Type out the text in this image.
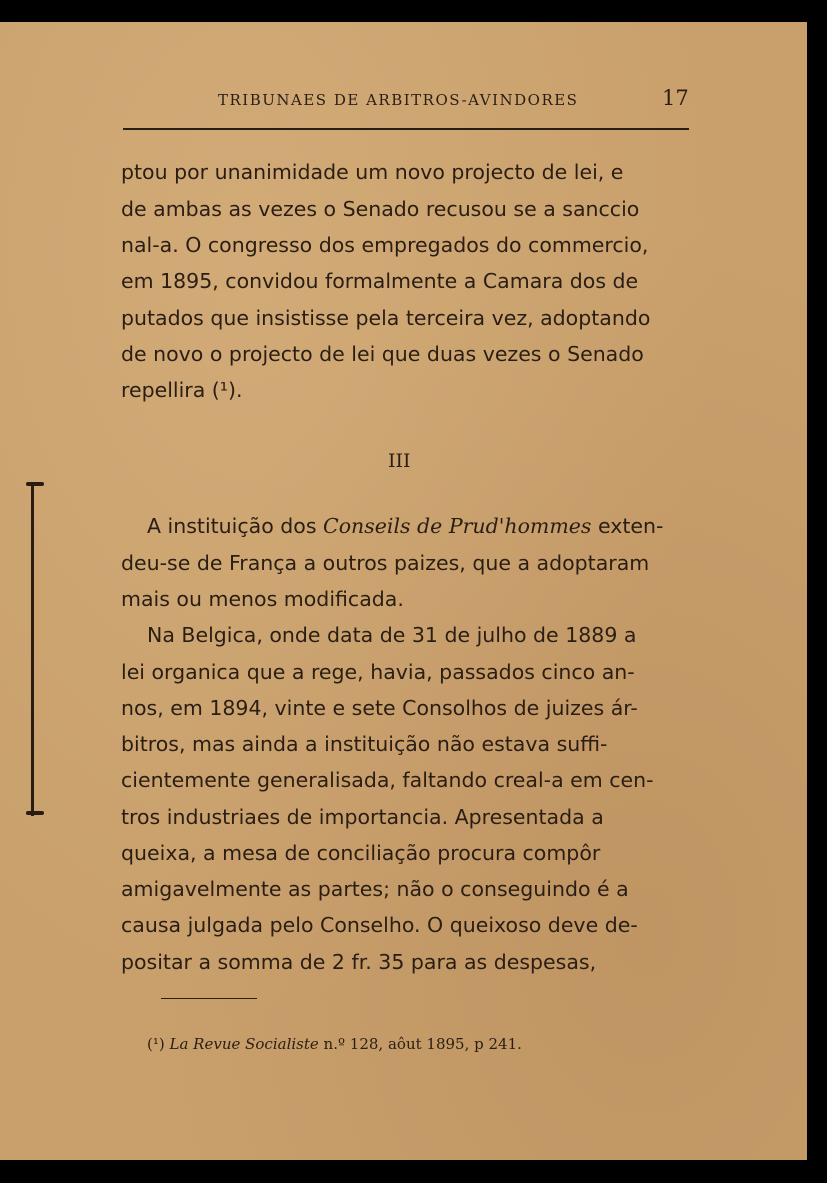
TRIBUNAES DE ARBITROS-AVINDORES	17
ptou por unanimidade um novo projecto de lei, e
de ambas as vezes o Senado recusou se a sanccio
nal-a. O congresso dos empregados do commercio,
em 1895, convidou formalmente a Camara dos de
putados que insistisse pela terceira vez, adoptando
de novo o projecto de lei que duas vezes o Senado
repellira (¹).
III
A instituição dos Conseils de Prud'hommes exten-
deu-se de França a outros paizes, que a adoptaram
mais ou menos modificada.
Na Belgica, onde data de 31 de julho de 1889 a
lei organica que a rege, havia, passados cinco an-
nos, em 1894, vinte e sete Consolhos de juizes ár-
bitros, mas ainda a instituição não estava suffi-
cientemente generalisada, faltando creal-a em cen-
tros industriaes de importancia. Apresentada a
queixa, a mesa de conciliação procura compôr
amigavelmente as partes; não o conseguindo é a
causa julgada pelo Conselho. O queixoso deve de-
positar a somma de 2 fr. 35 para as despesas,
(¹) La Revue Socialiste n.º 128, aôut 1895, p 241.
